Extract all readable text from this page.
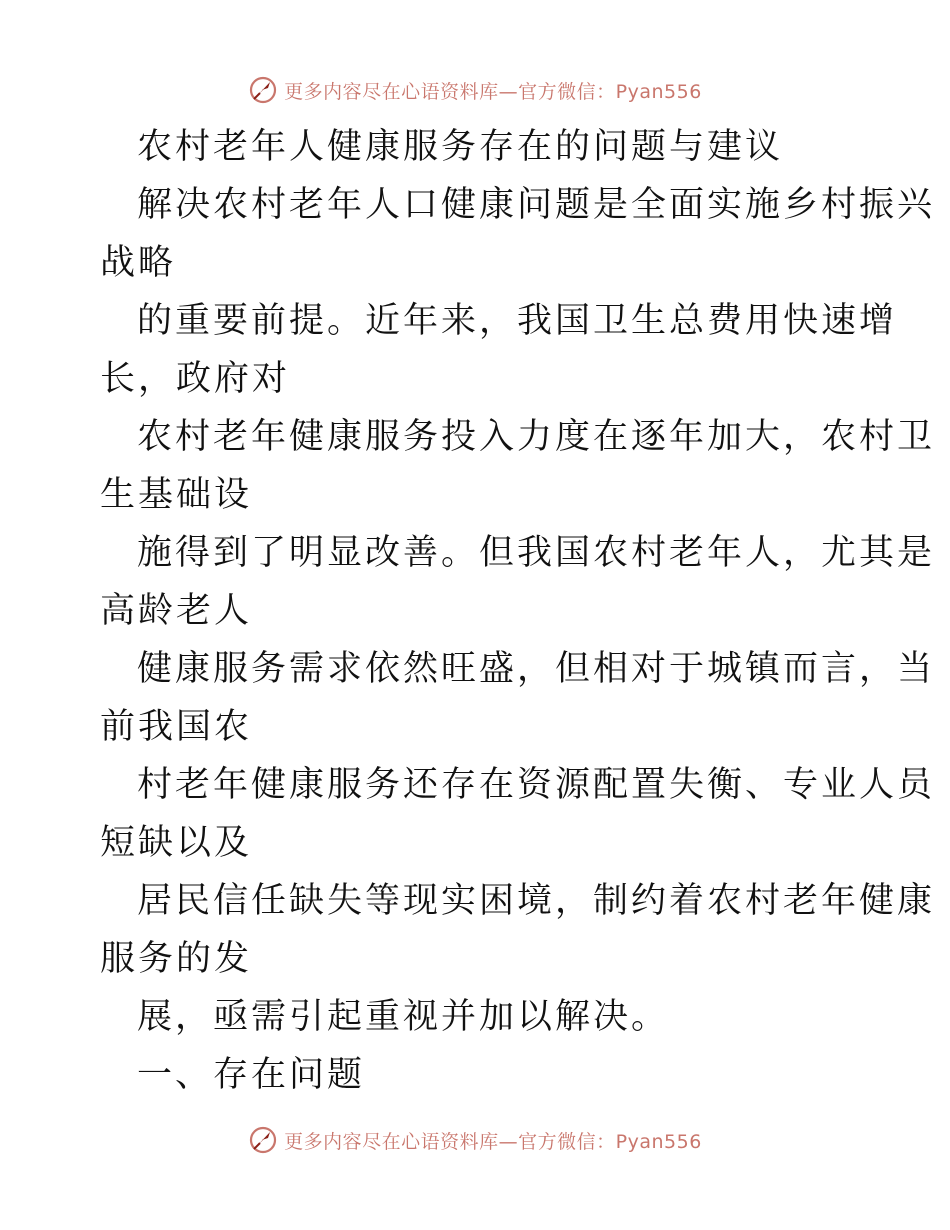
更多内容尽在心语资料库—官方微信：Pyan556
农村老年人健康服务存在的问题与建议
解决农村老年人口健康问题是全面实施乡村振兴
战略
的重要前提。近年来，我国卫生总费用快速增
长，政府对
农村老年健康服务投入力度在逐年加大，农村卫
生基础设
施得到了明显改善。但我国农村老年人，尤其是
高龄老人
健康服务需求依然旺盛，但相对于城镇而言，当
前我国农
村老年健康服务还存在资源配置失衡、专业人员
短缺以及
居民信任缺失等现实困境，制约着农村老年健康
服务的发
展，亟需引起重视并加以解决。
一、存在问题
更多内容尽在心语资料库—官方微信：Pyan556
